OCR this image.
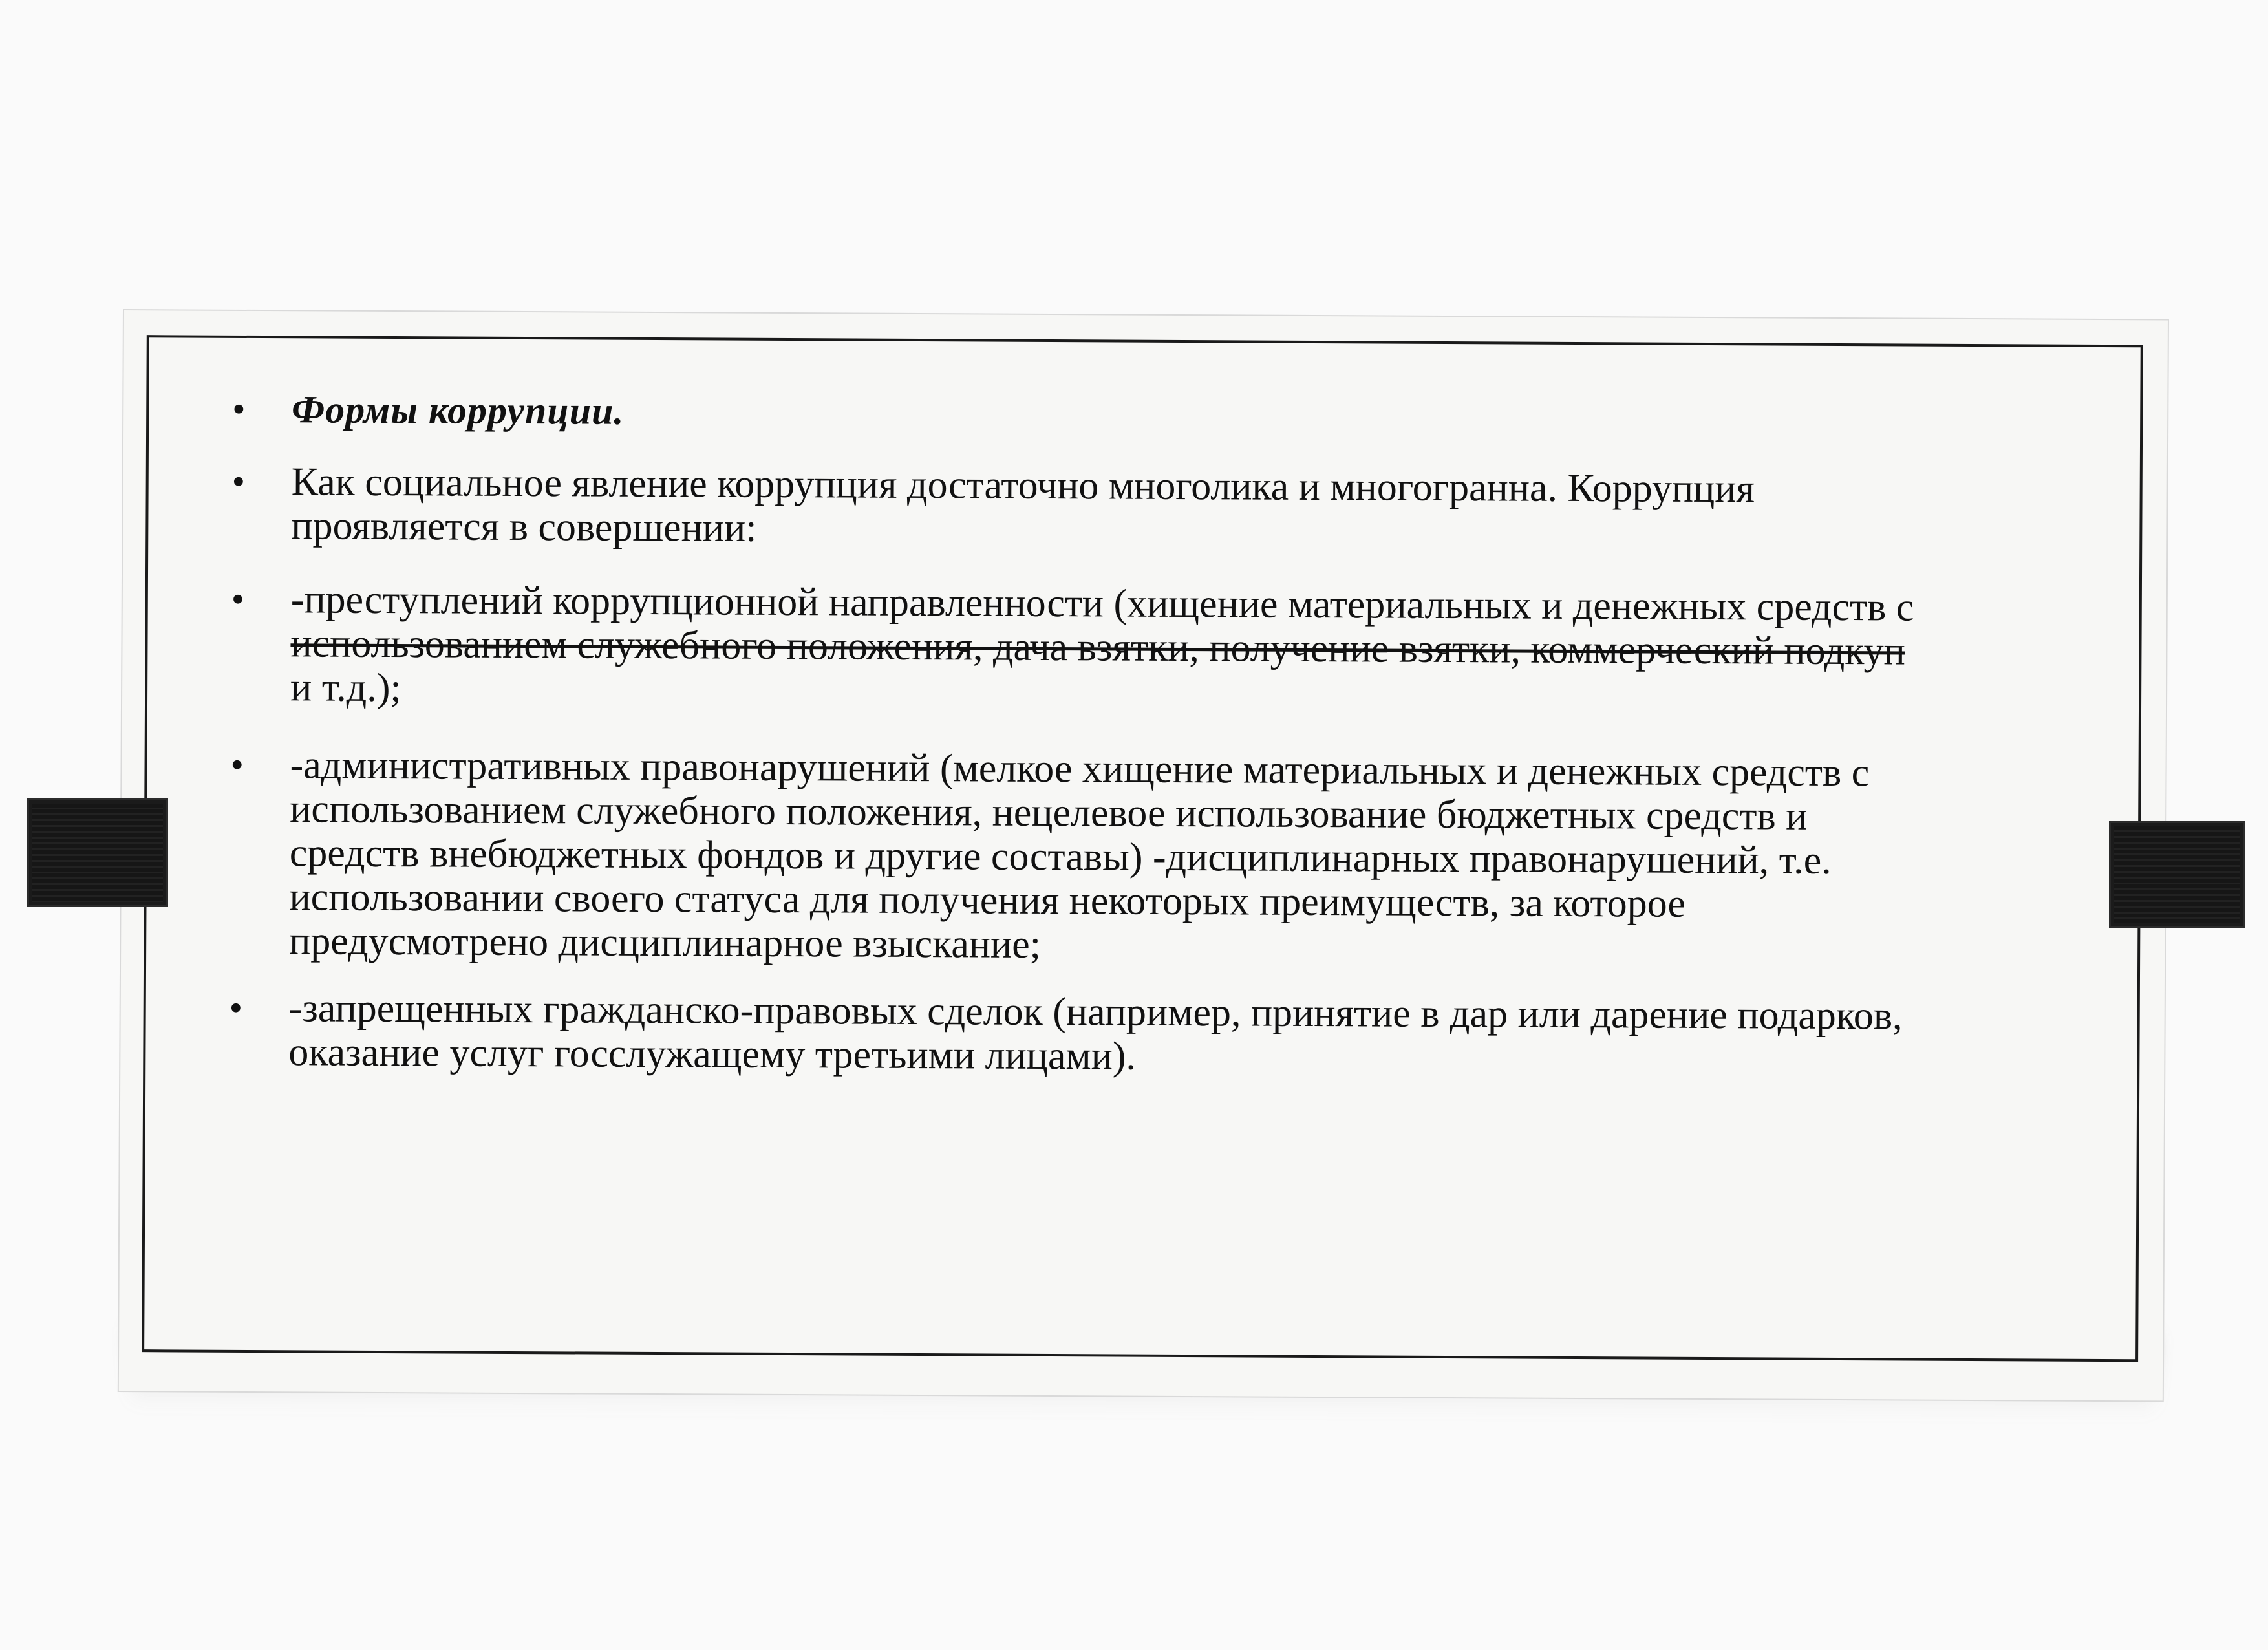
• Формы коррупции.
• Как социальное явление коррупция достаточно многолика и многогранна. Коррупция
проявляется в совершении:
• -преступлений коррупционной направленности (хищение материальных и денежных средств с
использованием служебного положения, дача взятки, получение взятки, коммерческий подкуп
и т.д.);
• -административных правонарушений (мелкое хищение материальных и денежных средств с
использованием служебного положения, нецелевое использование бюджетных средств и
средств внебюджетных фондов и другие составы) -дисциплинарных правонарушений, т.е.
использовании своего статуса для получения некоторых преимуществ, за которое
предусмотрено дисциплинарное взыскание;
• -запрещенных гражданско-правовых сделок (например, принятие в дар или дарение подарков,
оказание услуг госслужащему третьими лицами).
